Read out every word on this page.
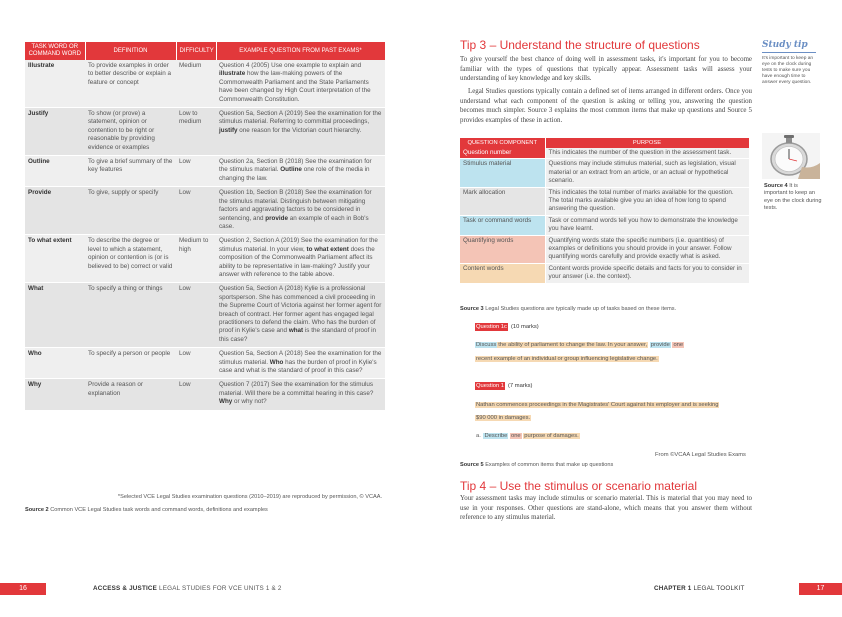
TASK WORD OR COMMAND WORD	DEFINITION	DIFFICULTY	EXAMPLE QUESTION FROM PAST EXAMS*
Illustrate	To provide examples in order to better describe or explain a feature or concept	Medium	Question 4 (2005) Use one example to explain and illustrate how the law-making powers of the Commonwealth Parliament and the State Parliaments have been changed by High Court interpretation of the Commonwealth Constitution.
Justify	To show (or prove) a statement, opinion or contention to be right or reasonable by providing evidence or examples	Low to medium	Question 5a, Section A (2019) See the examination for the stimulus material. Referring to committal proceedings, justify one reason for the Victorian court hierarchy.
Outline	To give a brief summary of the key features	Low	Question 2a, Section B (2018) See the examination for the stimulus material. Outline one role of the media in changing the law.
Provide	To give, supply or specify	Low	Question 1b, Section B (2018) See the examination for the stimulus material. Distinguish between mitigating factors and aggravating factors to be considered in sentencing, and provide an example of each in Bob's case.
To what extent	To describe the degree or level to which a statement, opinion or contention is (or is believed to be) correct or valid	Medium to high	Question 2, Section A (2019) See the examination for the stimulus material. In your view, to what extent does the composition of the Commonwealth Parliament affect its ability to be representative in law-making? Justify your answer with reference to the table above.
What	To specify a thing or things	Low	Question 5a, Section A (2018) Kylie is a professional sportsperson. She has commenced a civil proceeding in the Supreme Court of Victoria against her former agent for breach of contract. Her former agent has engaged legal practitioners to defend the claim. Who has the burden of proof in Kylie's case and what is the standard of proof in this case?
Who	To specify a person or people	Low	Question 5a, Section A (2018) See the examination for the stimulus material. Who has the burden of proof in Kylie's case and what is the standard of proof in this case?
Why	Provide a reason or explanation	Low	Question 7 (2017) See the examination for the stimulus material. Will there be a committal hearing in this case? Why or why not?
*Selected VCE Legal Studies examination questions (2010–2019) are reproduced by permission, © VCAA.
Source 2 Common VCE Legal Studies task words and command words, definitions and examples
Tip 3 – Understand the structure of questions

To give yourself the best chance of doing well in assessment tasks, it's important for you to become familiar with the types of questions that typically appear. Assessment tasks will assess your understanding of key knowledge and key skills.

Legal Studies questions typically contain a defined set of items arranged in different orders. Once you understand what each component of the question is asking or telling you, answering the question becomes much simpler. Source 3 explains the most common items that make up questions and Source 5 provides examples of these in action.

Study tip
It's important to keep an eye on the clock during tests to make sure you have enough time to answer every question.
Source 4 It is important to keep an eye on the clock during tests.
QUESTION COMPONENT	PURPOSE
Question number	This indicates the number of the question in the assessment task.
Stimulus material	Questions may include stimulus material, such as legislation, visual material or an extract from an article, or an actual or hypothetical scenario.
Mark allocation	This indicates the total number of marks available for the question. The total marks available give you an idea of how long to spend answering the question.
Task or command words	Task or command words tell you how to demonstrate the knowledge you have learnt.
Quantifying words	Quantifying words state the specific numbers (i.e. quantities) of examples or definitions you should provide in your answer. Follow quantifying words carefully and provide exactly what is asked.
Content words	Content words provide specific details and facts for you to consider in your answer (i.e. the context).
Source 3 Legal Studies questions are typically made up of tasks based on these items.
Question 1c (10 marks)
Discuss the ability of parliament to change the law. In your answer, provide one
recent example of an individual or group influencing legislative change.
Question 1 (7 marks)
Nathan commences proceedings in the Magistrates' Court against his employer and is seeking
$90 000 in damages.
a. Describe one purpose of damages.
From ©VCAA Legal Studies Exams
Source 5 Examples of common items that make up questions
Tip 4 – Use the stimulus or scenario material

Your assessment tasks may include stimulus or scenario material. This is material that you may need to use in your responses. Other questions are stand-alone, which means that you answer them without reference to any stimulus material.

16	ACCESS & JUSTICE LEGAL STUDIES FOR VCE UNITS 1 & 2	CHAPTER 1 LEGAL TOOLKIT	17
